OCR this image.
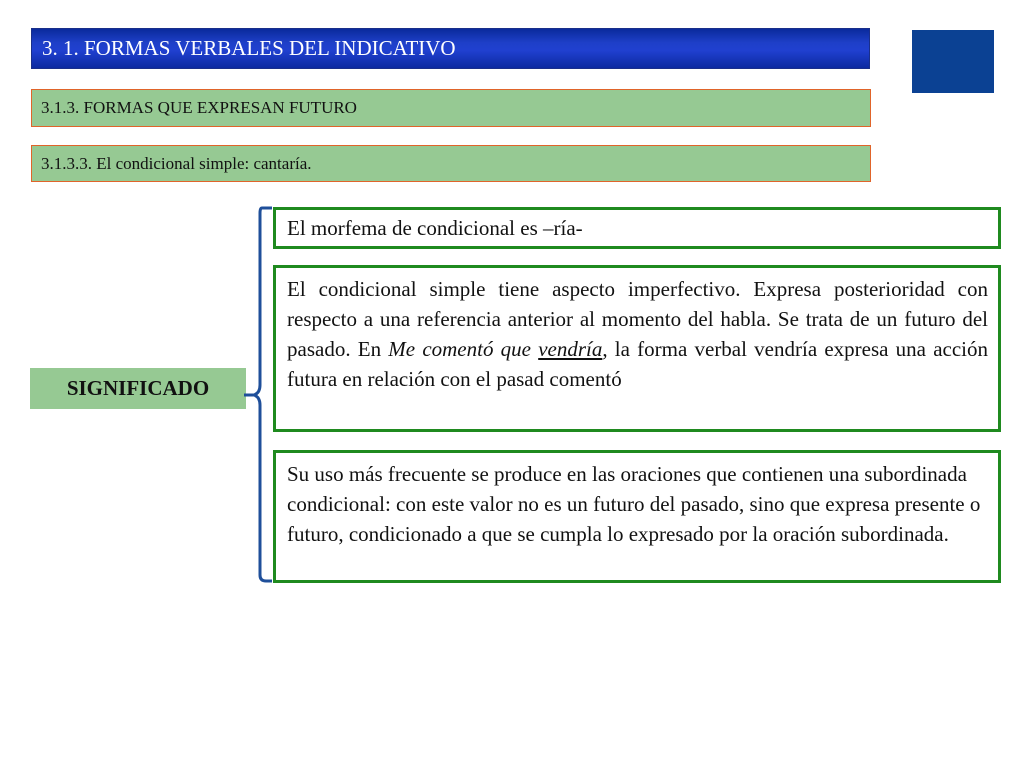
3. 1. FORMAS VERBALES DEL INDICATIVO
3.1.3. FORMAS QUE EXPRESAN FUTURO
3.1.3.3. El condicional simple: cantaría.
SIGNIFICADO
El morfema de condicional es –ría-
El condicional simple tiene aspecto imperfectivo. Expresa posterioridad con respecto a una referencia anterior al momento del habla. Se trata de un futuro del pasado. En Me comentó que vendría, la forma verbal vendría expresa una acción futura en relación con el pasad comentó
Su uso más frecuente se produce en las oraciones que contienen una subordinada condicional: con este valor no es un futuro del pasado, sino que expresa presente o futuro, condicionado a que se cumpla lo expresado por la oración subordinada.
